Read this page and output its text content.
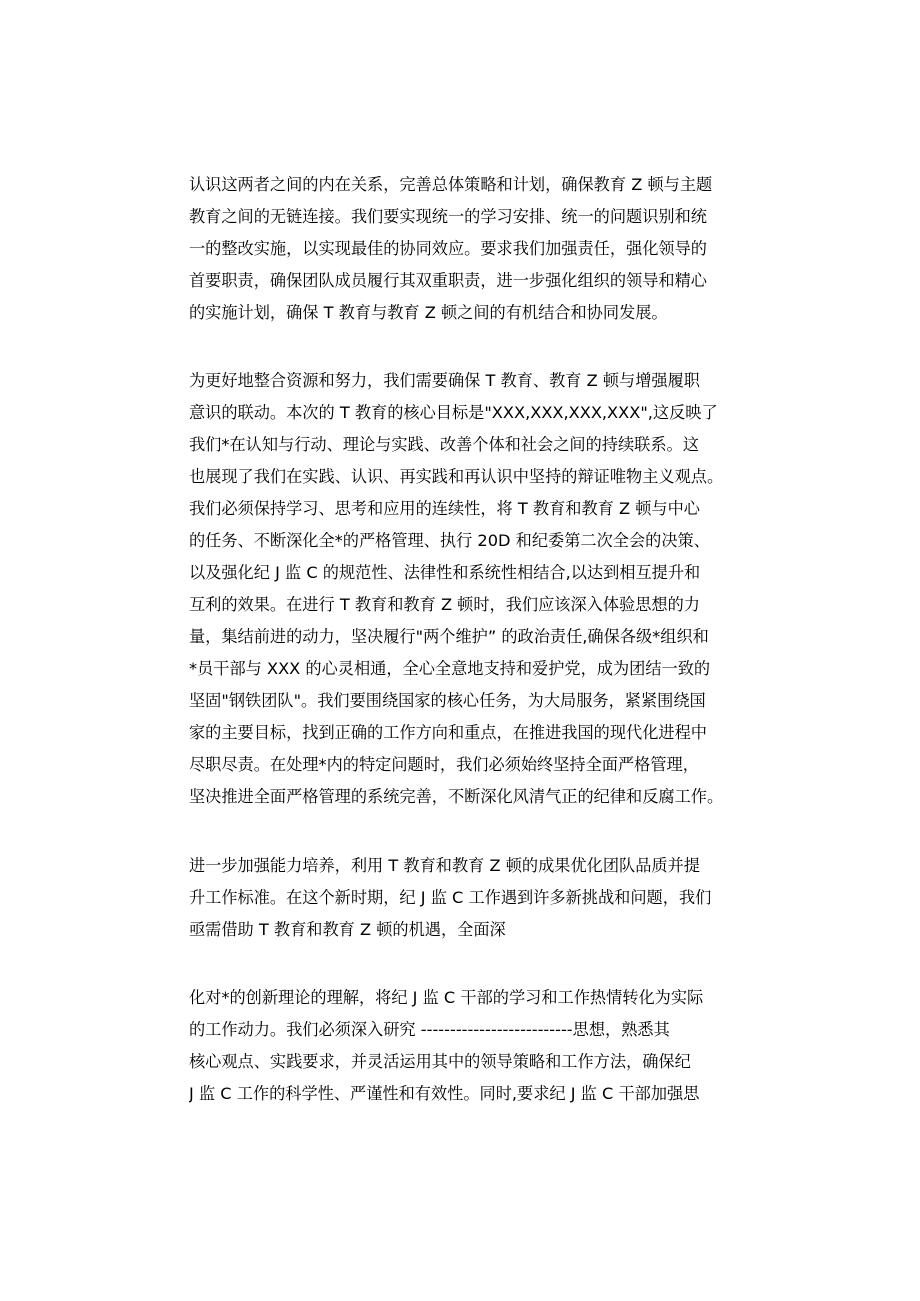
认识这两者之间的内在关系，完善总体策略和计划，确保教育 Z 顿与主题
教育之间的无链连接。我们要实现统一的学习安排、统一的问题识别和统
一的整改实施，以实现最佳的协同效应。要求我们加强责任，强化领导的
首要职责，确保团队成员履行其双重职责，进一步强化组织的领导和精心
的实施计划，确保 T 教育与教育 Z 顿之间的有机结合和协同发展。
为更好地整合资源和努力，我们需要确保 T 教育、教育 Z 顿与增强履职
意识的联动。本次的 T 教育的核心目标是"XXX,XXX,XXX,XXX",这反映了
我们*在认知与行动、理论与实践、改善个体和社会之间的持续联系。这
也展现了我们在实践、认识、再实践和再认识中坚持的辩证唯物主义观点。
我们必须保持学习、思考和应用的连续性，将 T 教育和教育 Z 顿与中心
的任务、不断深化全*的严格管理、执行 20D 和纪委第二次全会的决策、
以及强化纪 J 监 C 的规范性、法律性和系统性相结合,以达到相互提升和
互利的效果。在进行 T 教育和教育 Z 顿时，我们应该深入体验思想的力
量，集结前进的动力，坚决履行"两个维护” 的政治责任,确保各级*组织和
*员干部与 XXX 的心灵相通，全心全意地支持和爱护党，成为团结一致的
坚固"钢铁团队"。我们要围绕国家的核心任务，为大局服务，紧紧围绕国
家的主要目标，找到正确的工作方向和重点，在推进我国的现代化进程中
尽职尽责。在处理*内的特定问题时，我们必须始终坚持全面严格管理，
坚决推进全面严格管理的系统完善，不断深化风清气正的纪律和反腐工作。
进一步加强能力培养，利用 T 教育和教育 Z 顿的成果优化团队品质并提
升工作标准。在这个新时期，纪 J 监 C 工作遇到许多新挑战和问题，我们
亟需借助 T 教育和教育 Z 顿的机遇，全面深
化对*的创新理论的理解，将纪 J 监 C 干部的学习和工作热情转化为实际
的工作动力。我们必须深入研究 --------------------------思想，熟悉其
核心观点、实践要求，并灵活运用其中的领导策略和工作方法，确保纪
J 监 C 工作的科学性、严谨性和有效性。同时,要求纪 J 监 C 干部加强思
